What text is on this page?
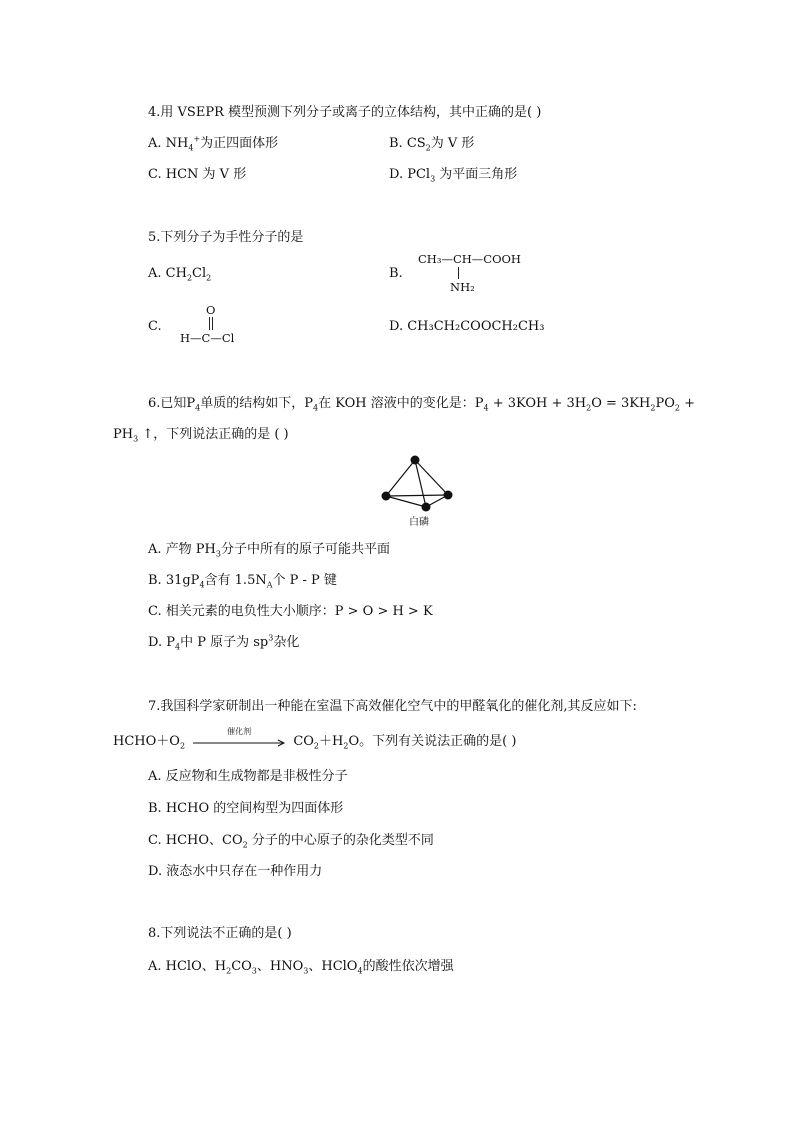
4.用 VSEPR 模型预测下列分子或离子的立体结构，其中正确的是( )
A. $NH_4^+$为正四面体形	B. $CS_2$为 V 形
C. HCN 为 V 形	D. PCl$_3$ 为平面三角形
5.下列分子为手性分子的是
A. $CH_2Cl_2$	B.
CH₃—CH—COOH
NH₂
C.
O
H—C—Cl
D. CH₃CH₂COOCH₂CH₃
6.已知$P_4$单质的结构如下，$P_4$在 KOH 溶液中的变化是：$P_4 + 3KOH + 3H_2O = 3KH_2PO_2$ +
$PH_3$ ↑，下列说法正确的是 ( )
白磷
A. 产物 $PH_3$分子中所有的原子可能共平面
B. $31gP_4$含有 $1.5N_A$个 P - P 键
C. 相关元素的电负性大小顺序：P > O > H > K
D. $P_4$中 P 原子为 $sp^3$杂化
7.我国科学家研制出一种能在室温下高效催化空气中的甲醛氧化的催化剂,其反应如下:
$HCHO+O_2$
催化剂
$CO_2+H_2O$。下列有关说法正确的是( )
A. 反应物和生成物都是非极性分子
B. HCHO 的空间构型为四面体形
C. HCHO、$CO_2$ 分子的中心原子的杂化类型不同
D. 液态水中只存在一种作用力
8.下列说法不正确的是( )
A. HClO、$H_2CO_3$、$HNO_3$、HClO$_4$的酸性依次增强
